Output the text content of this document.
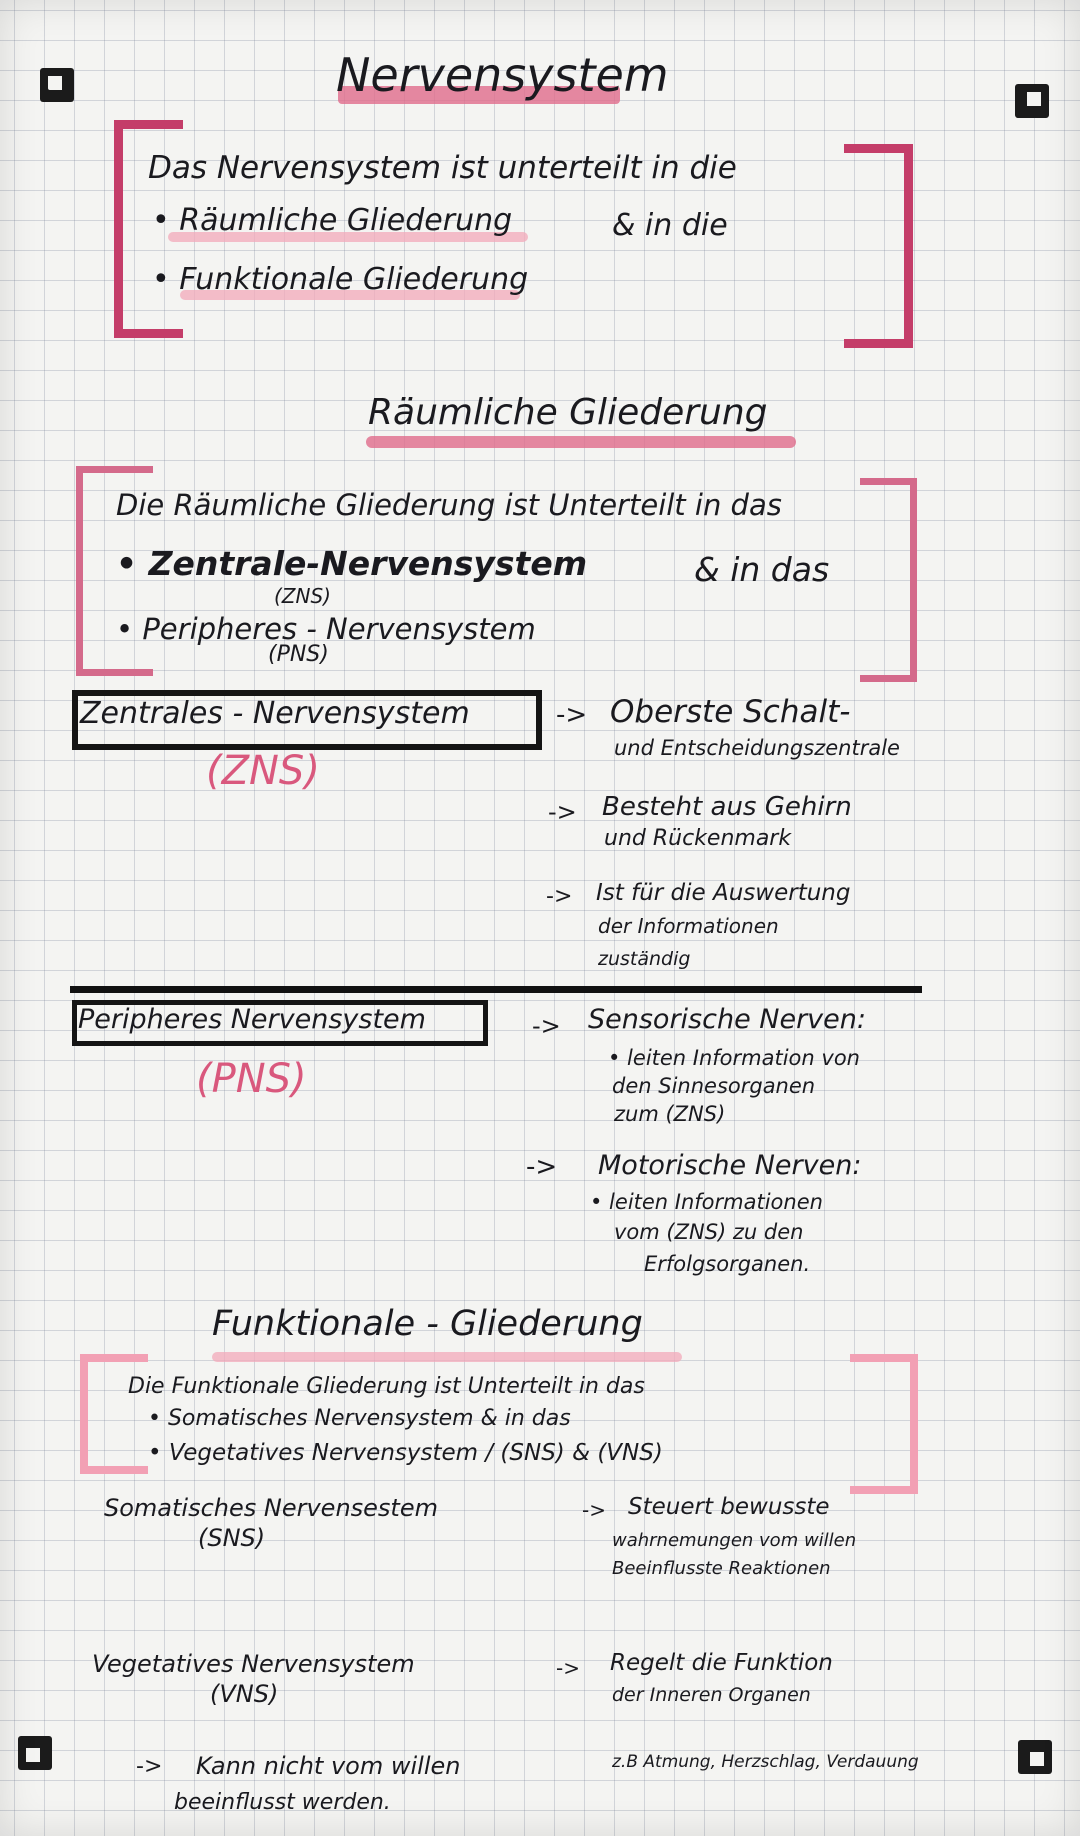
Nervensystem
Das Nervensystem ist unterteilt in die
• Räumliche Gliederung	& in die
• Funktionale Gliederung
Räumliche Gliederung
Die Räumliche Gliederung ist Unterteilt in das
• Zentrale-Nervensystem	& in das
(ZNS)
• Peripheres - Nervensystem
(PNS)
Zentrales - Nervensystem
(ZNS)
-> Oberste Schalt-
und Entscheidungszentrale
-> Besteht aus Gehirn
und Rückenmark
-> Ist für die Auswertung
der Informationen
zuständig
Peripheres Nervensystem
(PNS)
-> Sensorische Nerven:
• leiten Information von
den Sinnesorganen
zum (ZNS)
-> Motorische Nerven:
• leiten Informationen
vom (ZNS) zu den
Erfolgsorganen.
Funktionale - Gliederung
Die Funktionale Gliederung ist Unterteilt in das
• Somatisches Nervensystem & in das
• Vegetatives Nervensystem / (SNS) & (VNS)
Somatisches Nervensestem
(SNS)
-> Steuert bewusste
wahrnemungen vom willen
Beeinflusste Reaktionen
Vegetatives Nervensystem
(VNS)
-> Regelt die Funktion
der Inneren Organen
z.B Atmung, Herzschlag, Verdauung
-> Kann nicht vom willen
beeinflusst werden.
